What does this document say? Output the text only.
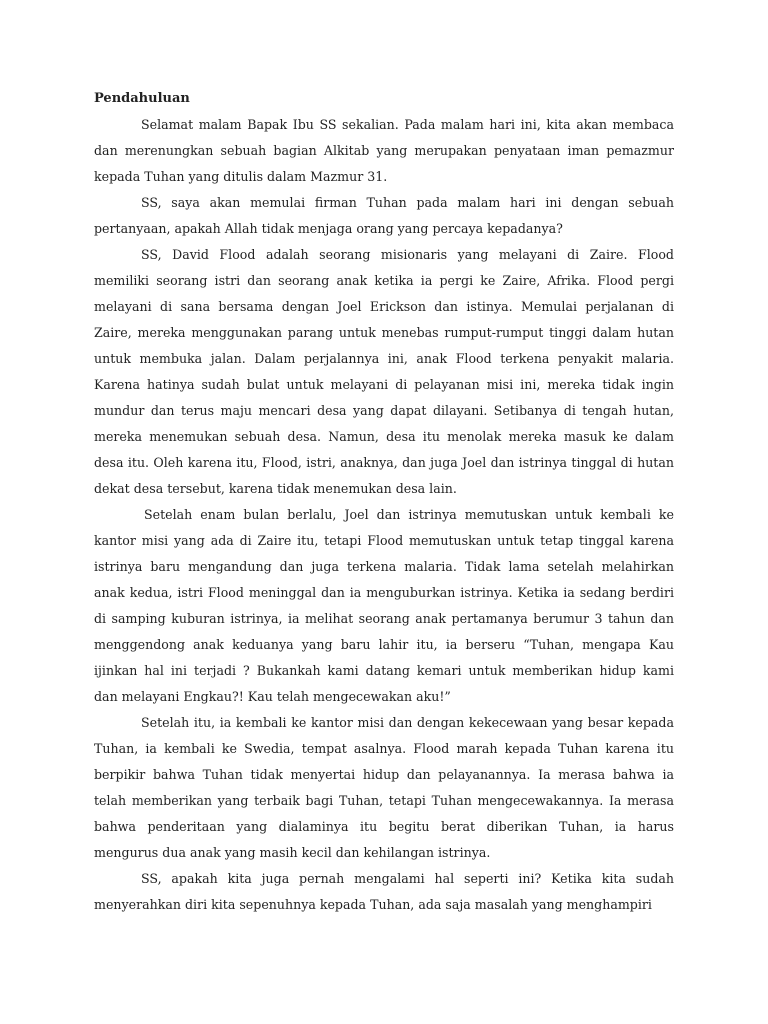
Pendahuluan
Selamat malam Bapak Ibu SS sekalian. Pada malam hari ini, kita akan membaca
dan merenungkan sebuah bagian Alkitab yang merupakan penyataan iman pemazmur
kepada Tuhan yang ditulis dalam Mazmur 31.
SS, saya akan memulai firman Tuhan pada malam hari ini dengan sebuah
pertanyaan, apakah Allah tidak menjaga orang yang percaya kepadanya?
SS, David Flood adalah seorang misionaris yang melayani di Zaire. Flood
memiliki seorang istri dan seorang anak ketika ia pergi ke Zaire, Afrika. Flood pergi
melayani di sana bersama dengan Joel Erickson dan istinya. Memulai perjalanan di
Zaire, mereka menggunakan parang untuk menebas rumput-rumput tinggi dalam hutan
untuk membuka jalan. Dalam perjalannya ini, anak Flood terkena penyakit malaria.
Karena hatinya sudah bulat untuk melayani di pelayanan misi ini, mereka tidak ingin
mundur dan terus maju mencari desa yang dapat dilayani. Setibanya di tengah hutan,
mereka menemukan sebuah desa. Namun, desa itu menolak mereka masuk ke dalam
desa itu. Oleh karena itu, Flood, istri, anaknya, dan juga Joel dan istrinya tinggal di hutan
dekat desa tersebut, karena tidak menemukan desa lain.
Setelah enam bulan berlalu, Joel dan istrinya memutuskan untuk kembali ke
kantor misi yang ada di Zaire itu, tetapi Flood memutuskan untuk tetap tinggal karena
istrinya baru mengandung dan juga terkena malaria. Tidak lama setelah melahirkan
anak kedua, istri Flood meninggal dan ia menguburkan istrinya. Ketika ia sedang berdiri
di samping kuburan istrinya, ia melihat seorang anak pertamanya berumur 3 tahun dan
menggendong anak keduanya yang baru lahir itu, ia berseru “Tuhan, mengapa Kau
ijinkan hal ini terjadi ? Bukankah kami datang kemari untuk memberikan hidup kami
dan melayani Engkau?! Kau telah mengecewakan aku!”
Setelah itu, ia kembali ke kantor misi dan dengan kekecewaan yang besar kepada
Tuhan, ia kembali ke Swedia, tempat asalnya. Flood marah kepada Tuhan karena itu
berpikir bahwa Tuhan tidak menyertai hidup dan pelayanannya. Ia merasa bahwa ia
telah memberikan yang terbaik bagi Tuhan, tetapi Tuhan mengecewakannya. Ia merasa
bahwa penderitaan yang dialaminya itu begitu berat diberikan Tuhan, ia harus
mengurus dua anak yang masih kecil dan kehilangan istrinya.
SS, apakah kita juga pernah mengalami hal seperti ini? Ketika kita sudah
menyerahkan diri kita sepenuhnya kepada Tuhan, ada saja masalah yang menghampiri
